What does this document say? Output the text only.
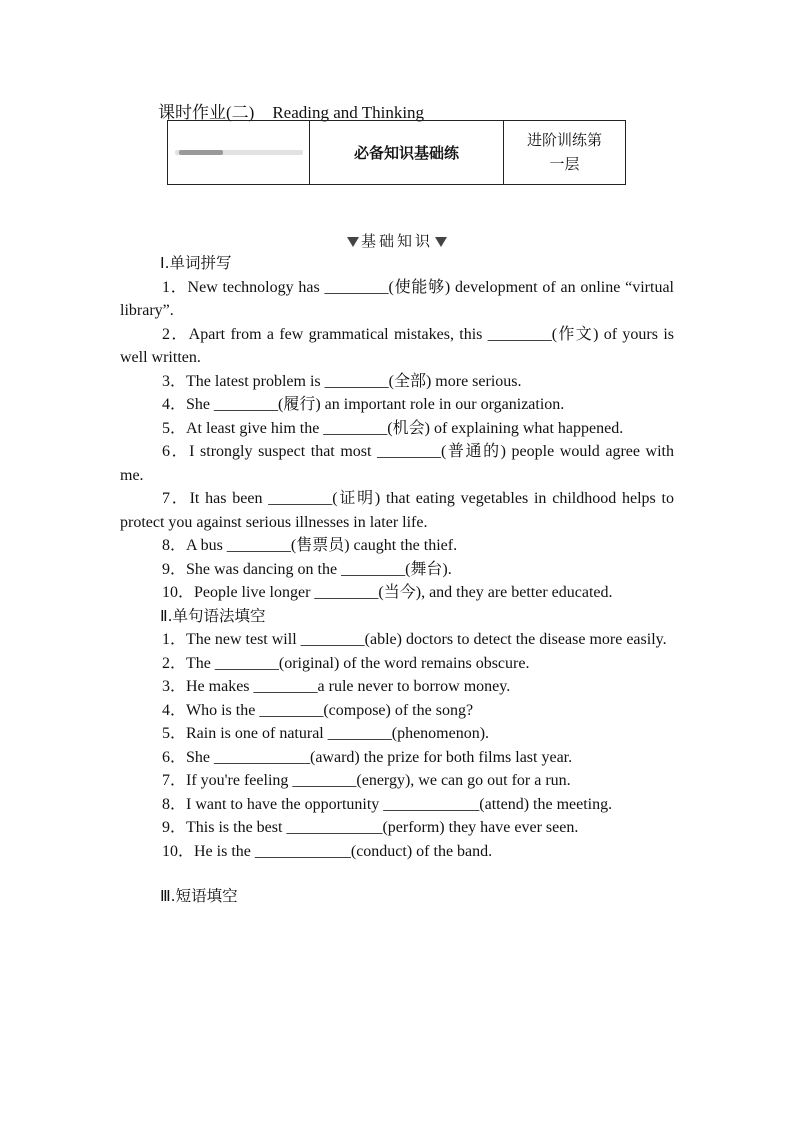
课时作业(二) Reading and Thinking
	必备知识基础练	
进阶训练第
一层
基础知识

Ⅰ.单词拼写

1．New technology has ________(使能够) development of an online “virtual library”.

2．Apart from a few grammatical mistakes, this ________(作文) of yours is well written.

3．The latest problem is ________(全部) more serious.

4．She ________(履行) an important role in our organization.

5．At least give him the ________(机会) of explaining what happened.

6．I strongly suspect that most ________(普通的) people would agree with me.

7．It has been ________(证明) that eating vegetables in childhood helps to protect you against serious illnesses in later life.

8．A bus ________(售票员) caught the thief.

9．She was dancing on the ________(舞台).

10．People live longer ________(当今), and they are better educated.

Ⅱ.单句语法填空

1．The new test will ________(able) doctors to detect the disease more easily.

2．The ________(original) of the word remains obscure.

3．He makes ________a rule never to borrow money.

4．Who is the ________(compose) of the song?

5．Rain is one of natural ________(phenomenon).

6．She ____________(award) the prize for both films last year.

7．If you're feeling ________(energy), we can go out for a run.

8．I want to have the opportunity ____________(attend) the meeting.

9．This is the best ____________(perform) they have ever seen.

10．He is the ____________(conduct) of the band.

Ⅲ.短语填空
